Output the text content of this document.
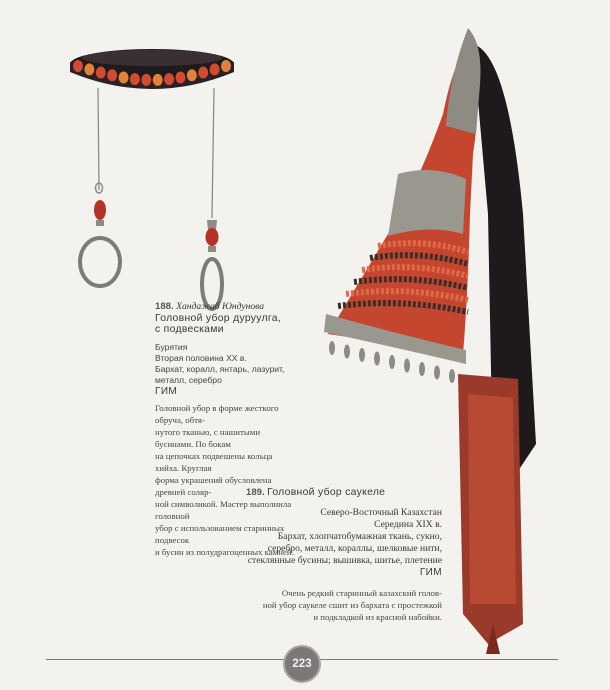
188. Хандажаб Юндунова
Головной убор дуруулга,
с подвесками
Бурятия
Вторая половина XX в.
Бархат, коралл, янтарь, лазурит, металл, серебро
ГИМ
Головной убор в форме жесткого обруча, обтя-
нутого тканью, с нашитыми бусинами. По бокам
на цепочках подвешены кольца хийха. Круглая
форма украшений обусловлена древней соляр-
ной символикой. Мастер выполнила головной
убор с использованием старинных подвесок
и бусин из полудрагоценных камней.
189. Головной убор саукеле
Северо-Восточный Казахстан
Середина XIX в.
Бархат, хлопчатобумажная ткань, сукно,
серебро, металл, кораллы, шелковые нити,
стеклянные бусины; вышивка, шитье, плетение
ГИМ
Очень редкий старинный казахский голов-
ной убор саукеле сшит из бархата с простежкой
и подкладкой из красной набойки.
223
